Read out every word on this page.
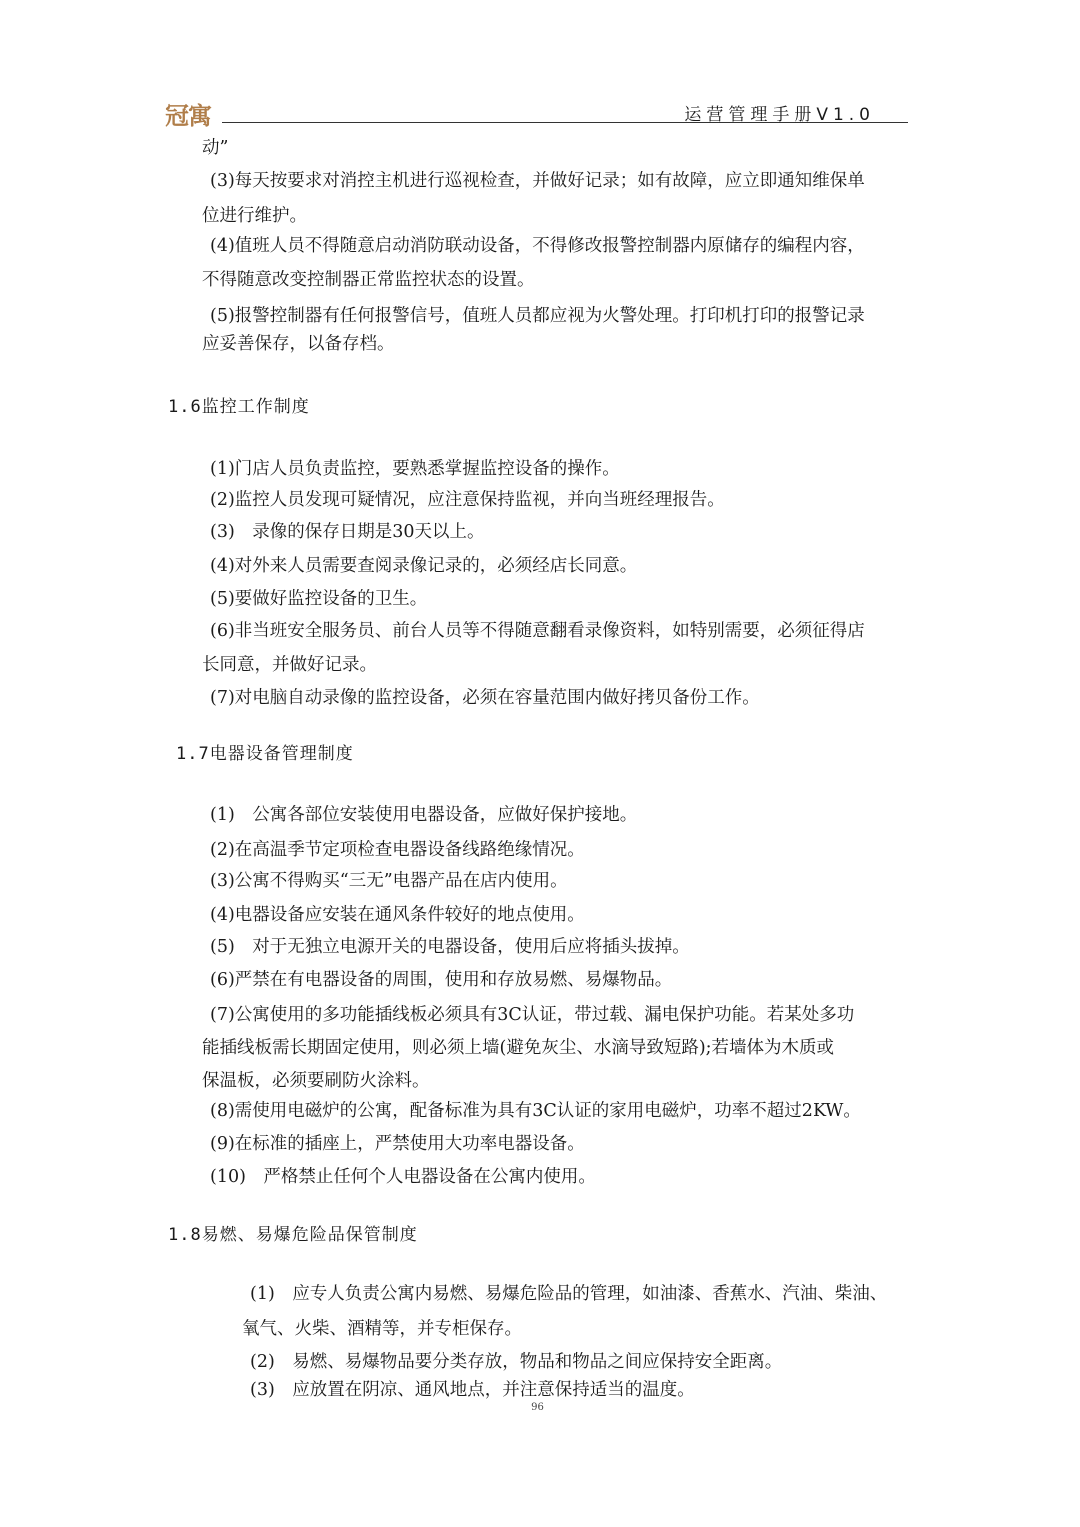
冠寓	运营管理手册V1.0
动”
(3)每天按要求对消控主机进行巡视检查，并做好记录；如有故障，应立即通知维保单
位进行维护。
(4)值班人员不得随意启动消防联动设备，不得修改报警控制器内原储存的编程内容，
不得随意改变控制器正常监控状态的设置。
(5)报警控制器有任何报警信号，值班人员都应视为火警处理。打印机打印的报警记录
应妥善保存，以备存档。
1.6监控工作制度
(1)门店人员负责监控，要熟悉掌握监控设备的操作。
(2)监控人员发现可疑情况，应注意保持监视，并向当班经理报告。
(3)　录像的保存日期是30天以上。
(4)对外来人员需要查阅录像记录的，必须经店长同意。
(5)要做好监控设备的卫生。
(6)非当班安全服务员、前台人员等不得随意翻看录像资料，如特别需要，必须征得店
长同意，并做好记录。
(7)对电脑自动录像的监控设备，必须在容量范围内做好拷贝备份工作。
1.7电器设备管理制度
(1)　公寓各部位安装使用电器设备，应做好保护接地。
(2)在高温季节定项检查电器设备线路绝缘情况。
(3)公寓不得购买“三无”电器产品在店内使用。
(4)电器设备应安装在通风条件较好的地点使用。
(5)　对于无独立电源开关的电器设备，使用后应将插头拔掉。
(6)严禁在有电器设备的周围，使用和存放易燃、易爆物品。
(7)公寓使用的多功能插线板必须具有3C认证，带过载、漏电保护功能。若某处多功
能插线板需长期固定使用，则必须上墙(避免灰尘、水滴导致短路);若墙体为木质或
保温板，必须要刷防火涂料。
(8)需使用电磁炉的公寓，配备标准为具有3C认证的家用电磁炉，功率不超过2KW。
(9)在标准的插座上，严禁使用大功率电器设备。
(10)　严格禁止任何个人电器设备在公寓内使用。
1.8易燃、易爆危险品保管制度
(1)　应专人负责公寓内易燃、易爆危险品的管理，如油漆、香蕉水、汽油、柴油、
氧气、火柴、酒精等，并专柜保存。
(2)　易燃、易爆物品要分类存放，物品和物品之间应保持安全距离。
(3)　应放置在阴凉、通风地点，并注意保持适当的温度。
96
